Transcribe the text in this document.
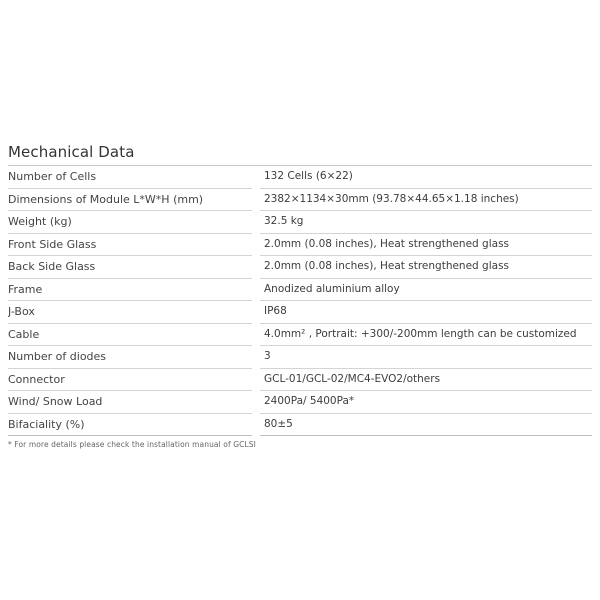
Mechanical Data
Number of Cells		132 Cells (6×22)
Dimensions of Module L*W*H (mm)		2382×1134×30mm (93.78×44.65×1.18 inches)
Weight (kg)		32.5 kg
Front Side Glass		2.0mm (0.08 inches), Heat strengthened glass
Back Side Glass		2.0mm (0.08 inches), Heat strengthened glass
Frame		Anodized aluminium alloy
J-Box		IP68
Cable		4.0mm² , Portrait: +300/-200mm length can be customized
Number of diodes		3
Connector		GCL-01/GCL-02/MC4-EVO2/others
Wind/ Snow Load		2400Pa/ 5400Pa*
Bifaciality (%)		80±5
* For more details please check the installation manual of GCLSI
